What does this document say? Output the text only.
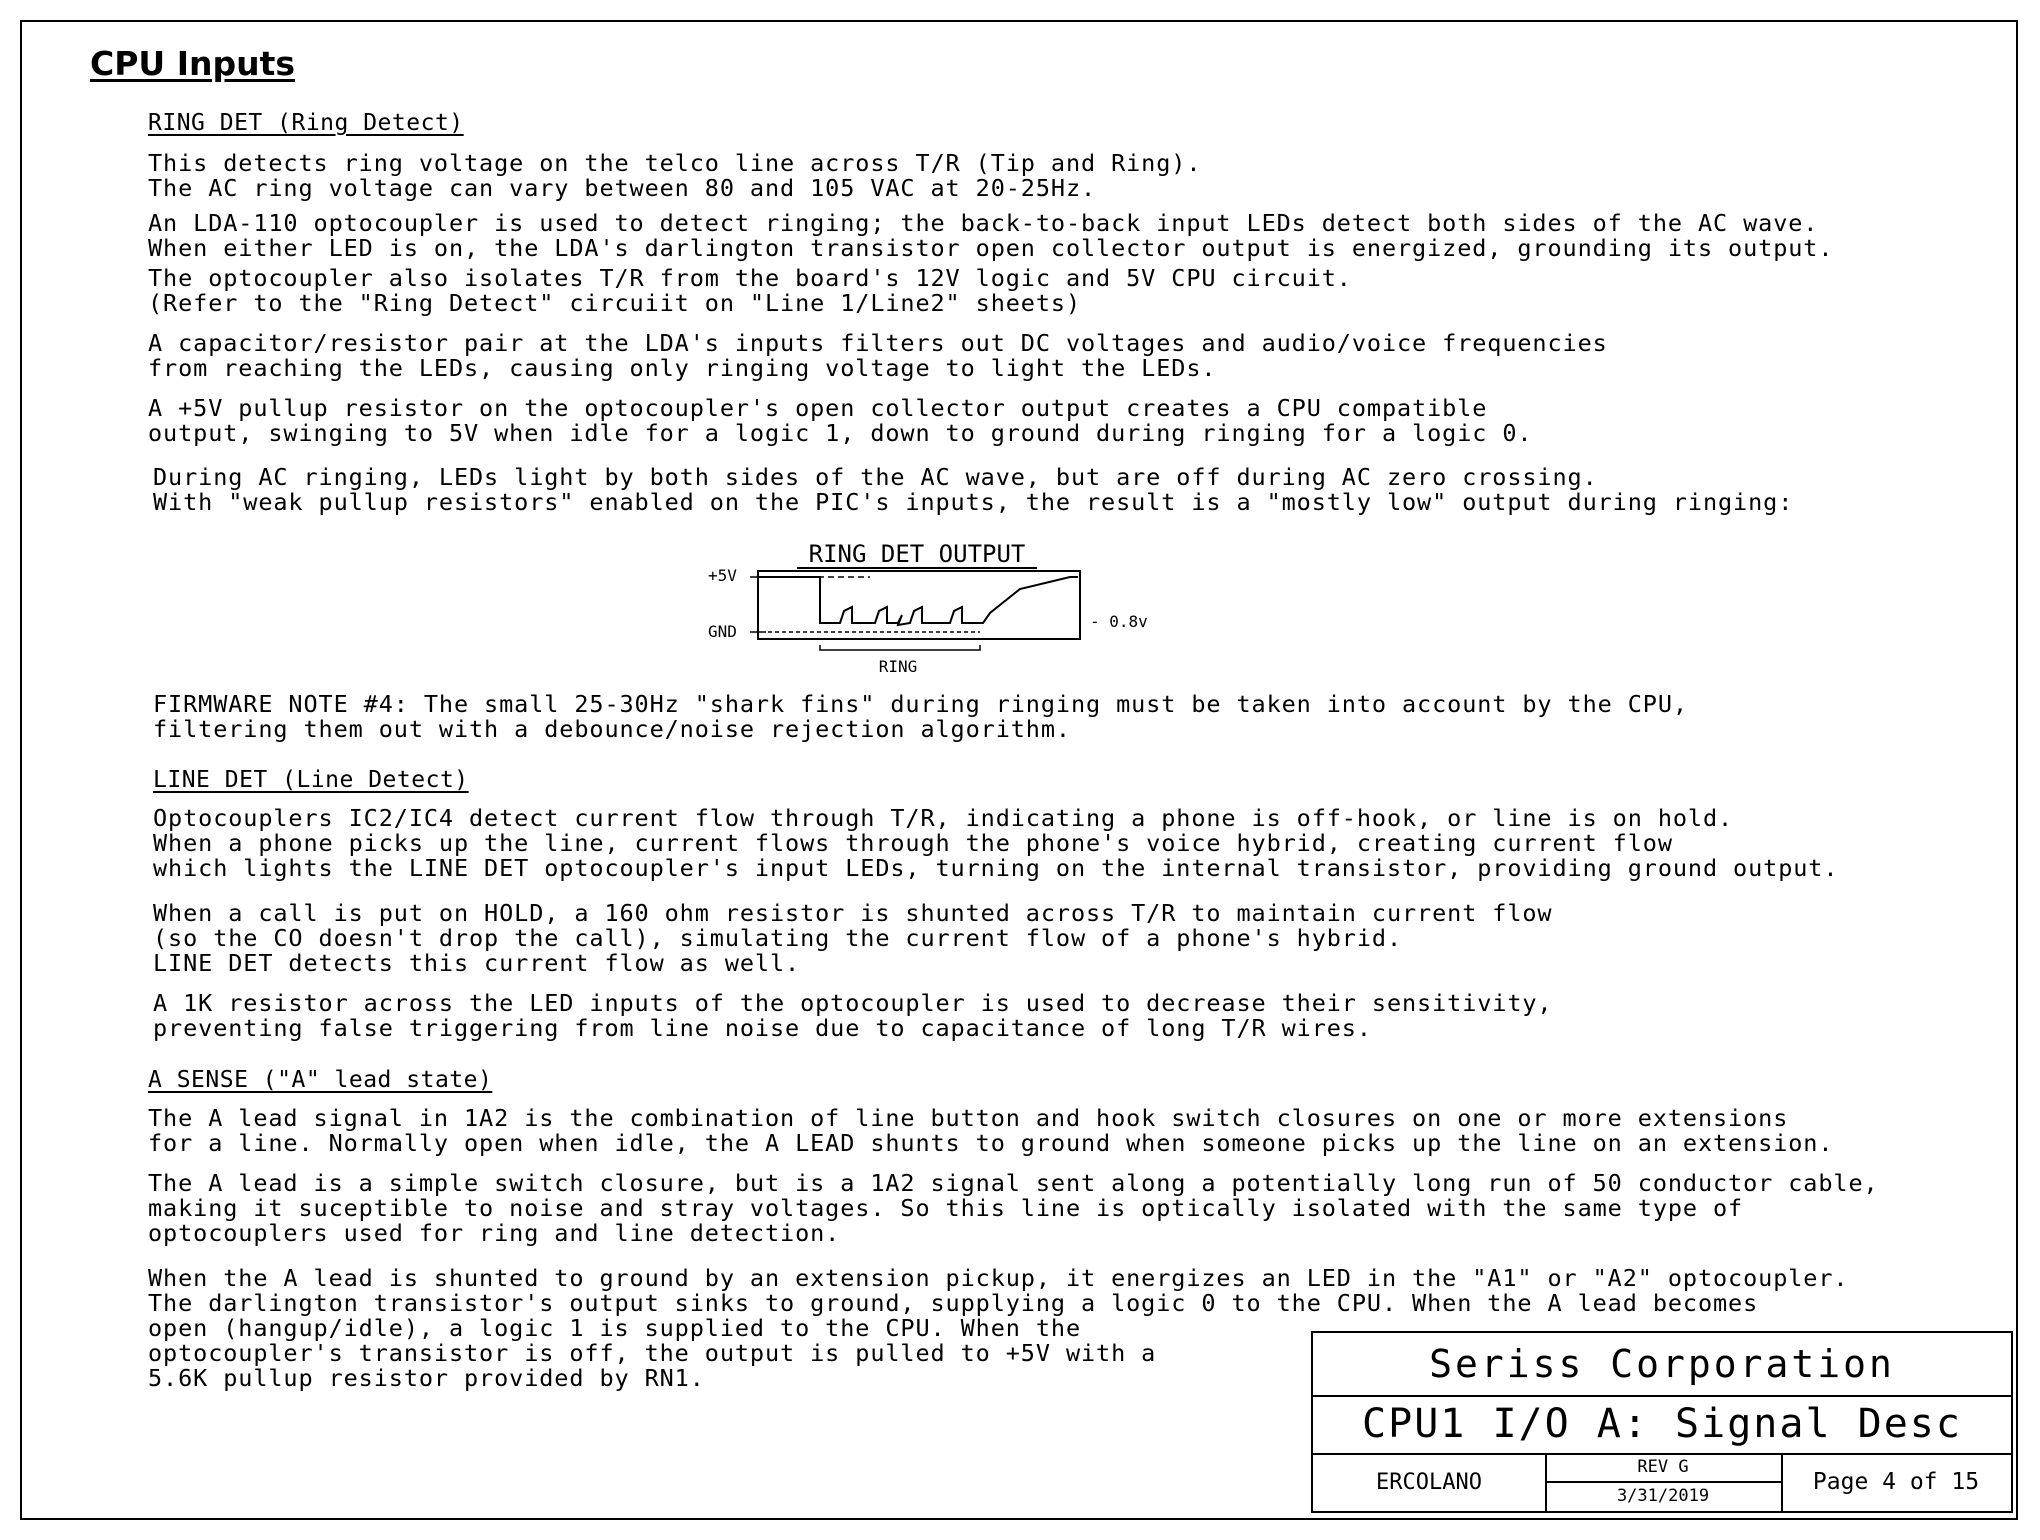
CPU Inputs
RING DET (Ring Detect)
This detects ring voltage on the telco line across T/R (Tip and Ring).
The AC ring voltage can vary between 80 and 105 VAC at 20-25Hz.
An LDA-110 optocoupler is used to detect ringing; the back-to-back input LEDs detect both sides of the AC wave.
When either LED is on, the LDA's darlington transistor open collector output is energized, grounding its output.
The optocoupler also isolates T/R from the board's 12V logic and 5V CPU circuit.
(Refer to the "Ring Detect" circuiit on "Line 1/Line2" sheets)
A capacitor/resistor pair at the LDA's inputs filters out DC voltages and audio/voice frequencies
from reaching the LEDs, causing only ringing voltage to light the LEDs.
A +5V pullup resistor on the optocoupler's open collector output creates a CPU compatible
output, swinging to 5V when idle for a logic 1, down to ground during ringing for a logic 0.
During AC ringing, LEDs light by both sides of the AC wave, but are off during AC zero crossing.
With "weak pullup resistors" enabled on the PIC's inputs, the result is a "mostly low" output during ringing:
RING DET OUTPUT
+5V
GND
- 0.8v
RING
FIRMWARE NOTE #4: The small 25-30Hz "shark fins" during ringing must be taken into account by the CPU,
filtering them out with a debounce/noise rejection algorithm.
LINE DET (Line Detect)
Optocouplers IC2/IC4 detect current flow through T/R, indicating a phone is off-hook, or line is on hold.
When a phone picks up the line, current flows through the phone's voice hybrid, creating current flow
which lights the LINE DET optocoupler's input LEDs, turning on the internal transistor, providing ground output.
When a call is put on HOLD, a 160 ohm resistor is shunted across T/R to maintain current flow
(so the CO doesn't drop the call), simulating the current flow of a phone's hybrid.
LINE DET detects this current flow as well.
A 1K resistor across the LED inputs of the optocoupler is used to decrease their sensitivity,
preventing false triggering from line noise due to capacitance of long T/R wires.
A SENSE ("A" lead state)
The A lead signal in 1A2 is the combination of line button and hook switch closures on one or more extensions
for a line. Normally open when idle, the A LEAD shunts to ground when someone picks up the line on an extension.
The A lead is a simple switch closure, but is a 1A2 signal sent along a potentially long run of 50 conductor cable,
making it suceptible to noise and stray voltages. So this line is optically isolated with the same type of
optocouplers used for ring and line detection.
When the A lead is shunted to ground by an extension pickup, it energizes an LED in the "A1" or "A2" optocoupler.
The darlington transistor's output sinks to ground, supplying a logic 0 to the CPU. When the A lead becomes
open (hangup/idle), a logic 1 is supplied to the CPU. When the
optocoupler's transistor is off, the output is pulled to +5V with a
5.6K pullup resistor provided by RN1.	Seriss Corporation
CPU1 I/O A: Signal Desc
ERCOLANO
REV G
3/31/2019
Page 4 of 15
